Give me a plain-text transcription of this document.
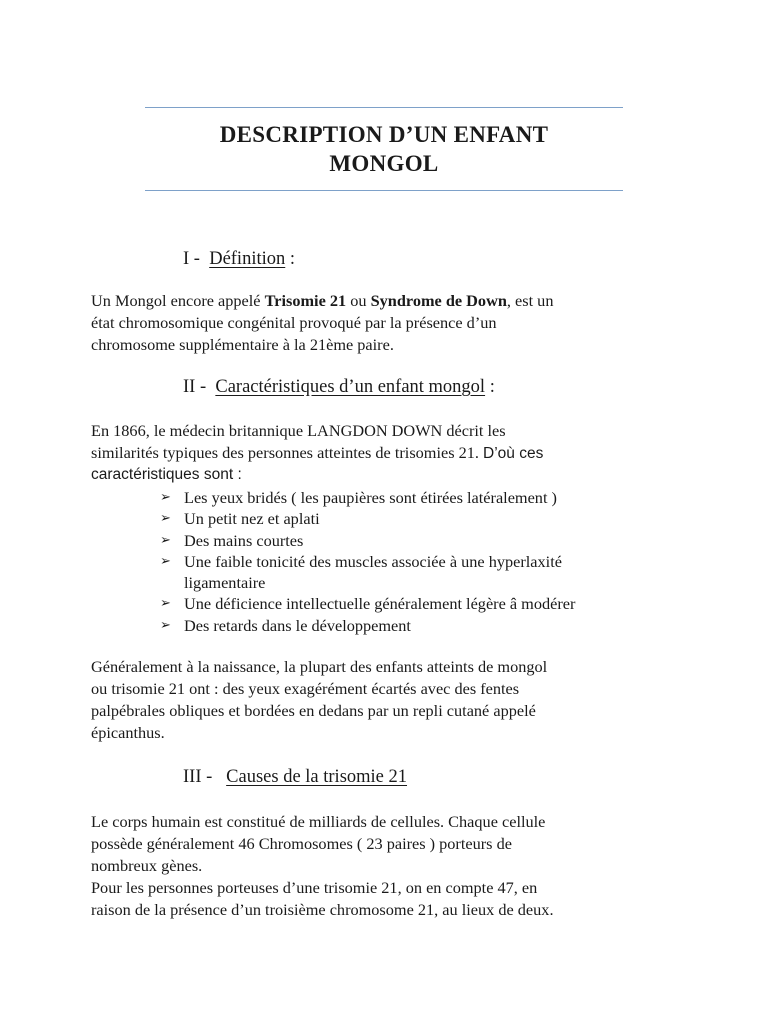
DESCRIPTION D’UN ENFANT
MONGOL
I - Définition :
Un Mongol encore appelé Trisomie 21 ou Syndrome de Down, est un
état chromosomique congénital provoqué par la présence d’un
chromosome supplémentaire à la 21ème paire.
II - Caractéristiques d’un enfant mongol :
En 1866, le médecin britannique LANGDON DOWN décrit les
similarités typiques des personnes atteintes de trisomies 21. D’où ces
caractéristiques sont :
➢ Les yeux bridés ( les paupières sont étirées latéralement )
➢ Un petit nez et aplati
➢ Des mains courtes
➢ Une faible tonicité des muscles associée à une hyperlaxité
ligamentaire
➢ Une déficience intellectuelle généralement légère â modérer
➢ Des retards dans le développement
Généralement à la naissance, la plupart des enfants atteints de mongol
ou trisomie 21 ont : des yeux exagérément écartés avec des fentes
palpébrales obliques et bordées en dedans par un repli cutané appelé
épicanthus.
III - Causes de la trisomie 21
Le corps humain est constitué de milliards de cellules. Chaque cellule
possède généralement 46 Chromosomes ( 23 paires ) porteurs de
nombreux gènes.
Pour les personnes porteuses d’une trisomie 21, on en compte 47, en
raison de la présence d’un troisième chromosome 21, au lieux de deux.
